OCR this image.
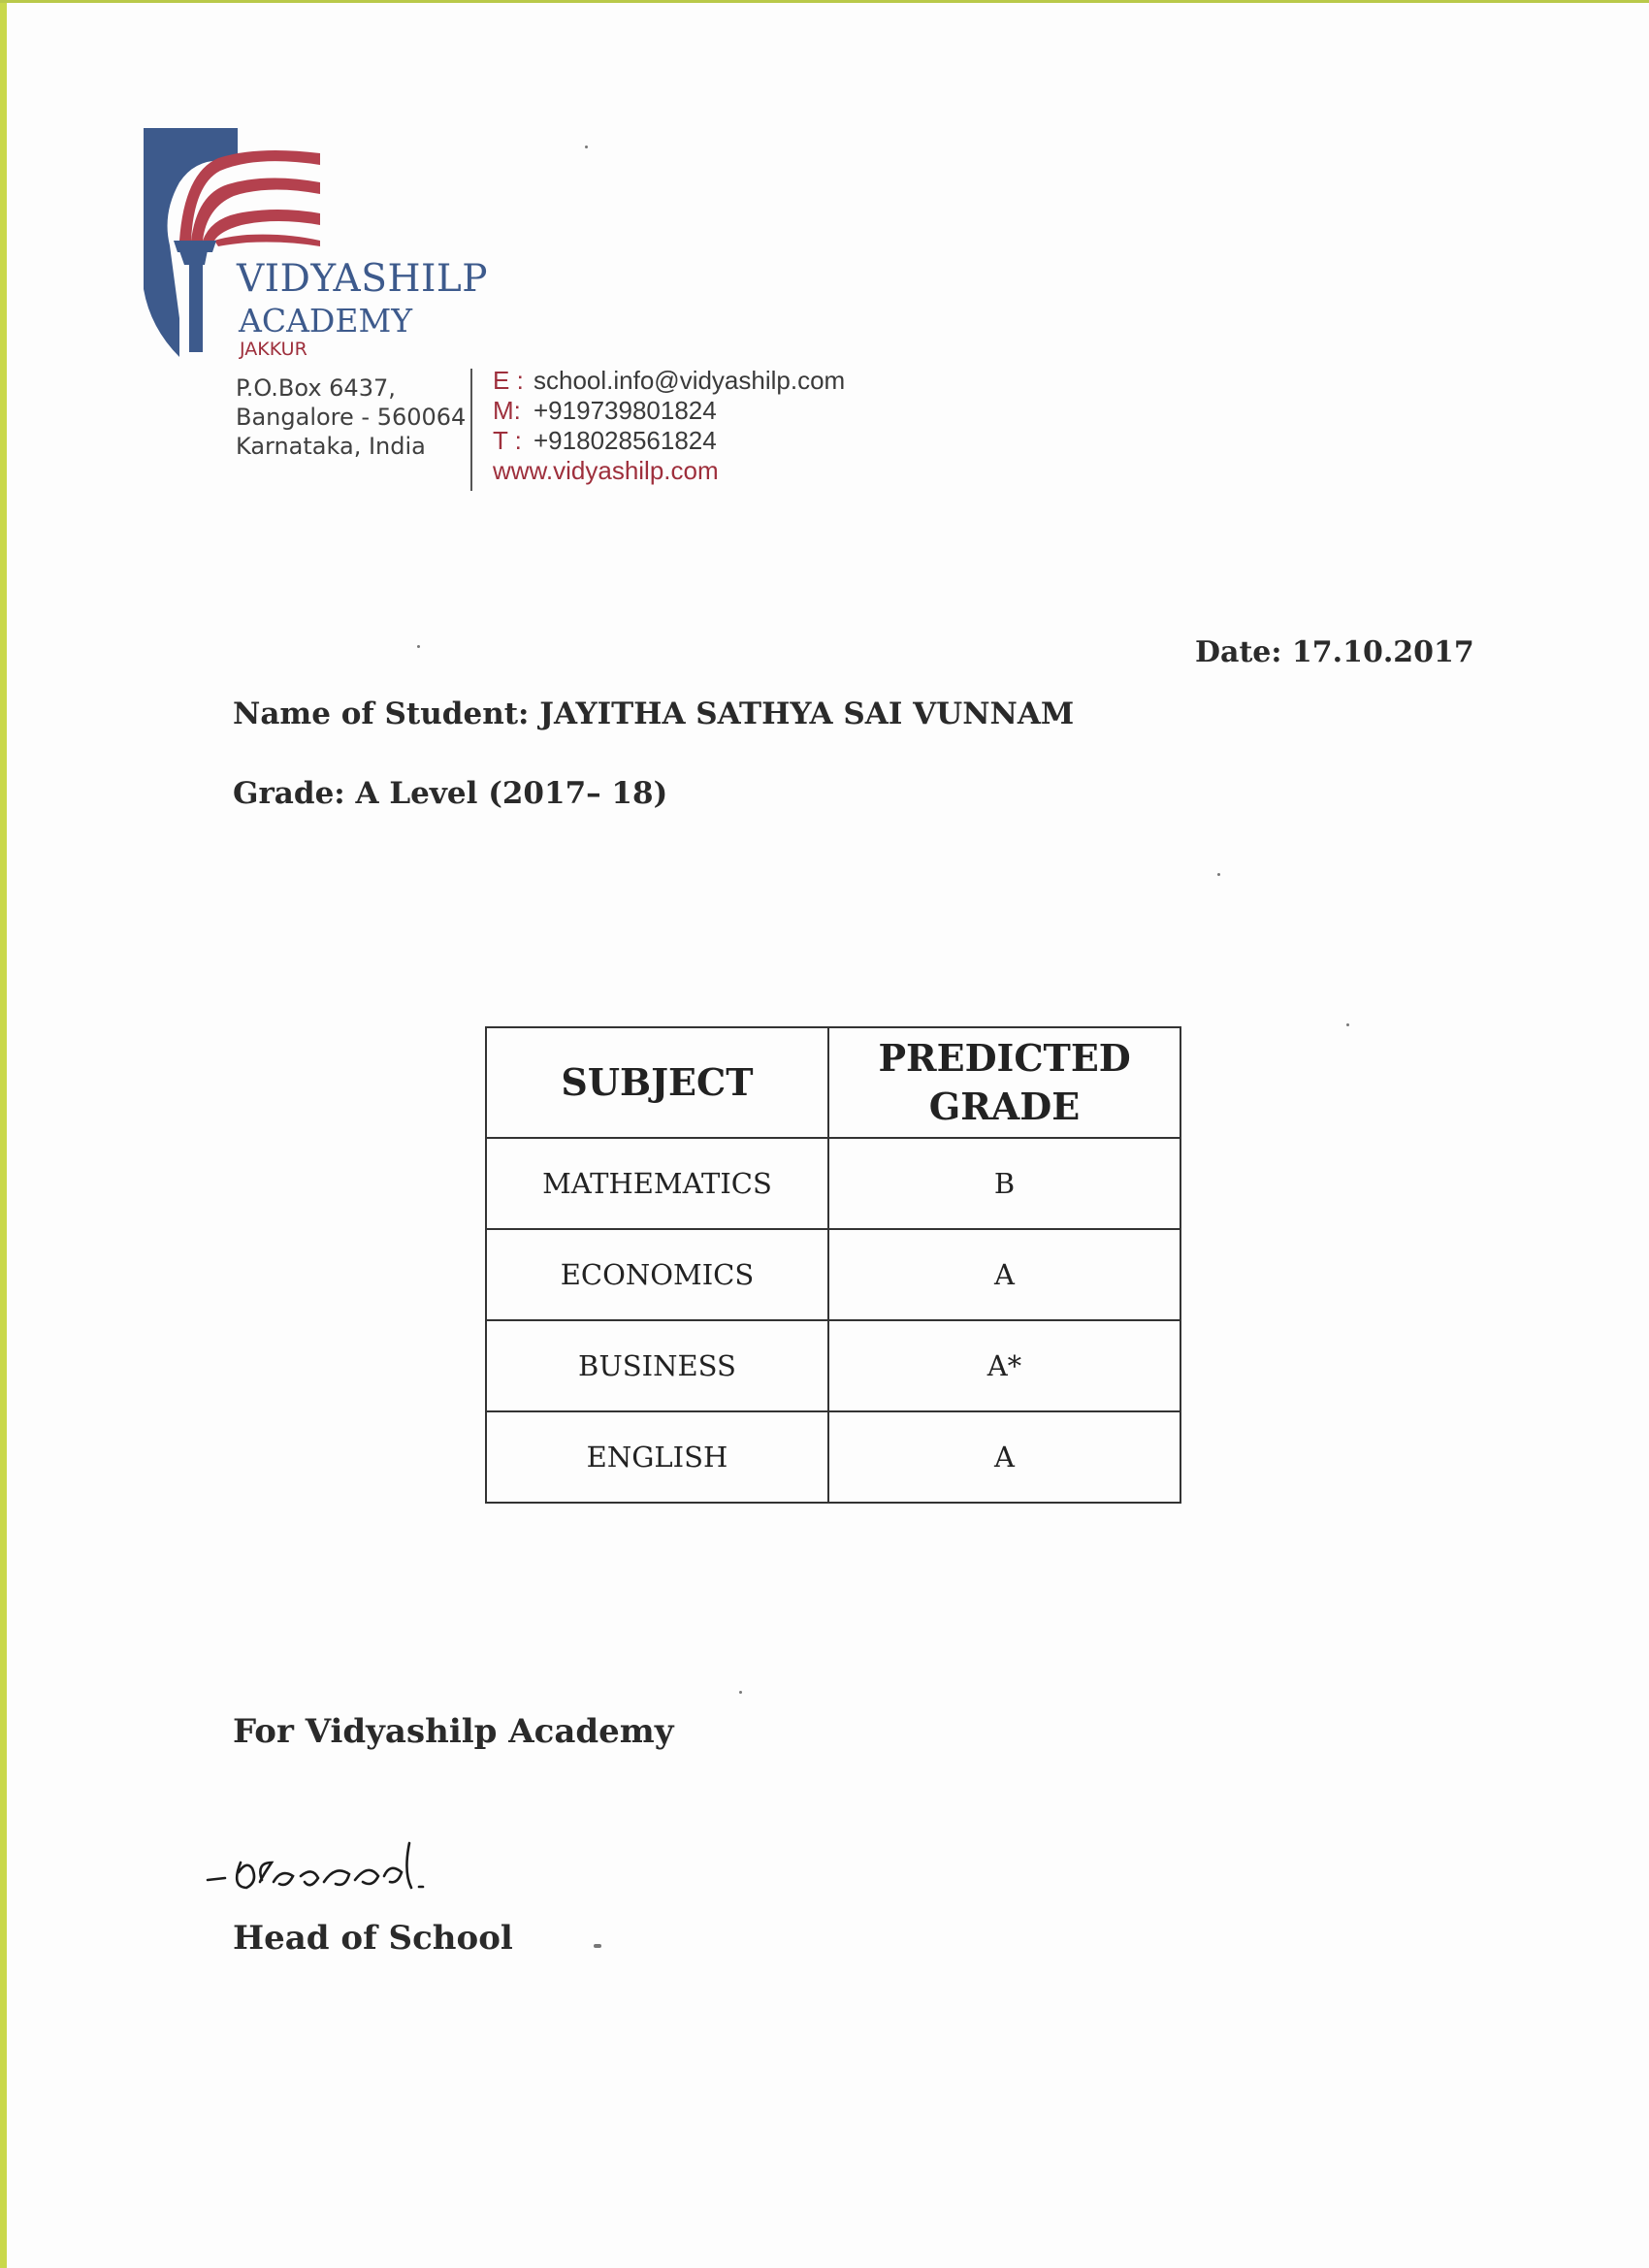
VIDYASHILP
ACADEMY
JAKKUR
P.O.Box 6437,
Bangalore - 560064
Karnataka, India
E : school.info@vidyashilp.com
M: +919739801824
T : +918028561824
www.vidyashilp.com
Date: 17.10.2017
Name of Student: JAYITHA SATHYA SAI VUNNAM
Grade: A Level (2017– 18)
SUBJECT	PREDICTED GRADE
MATHEMATICS	B
ECONOMICS	A
BUSINESS	A*
ENGLISH	A
For Vidyashilp Academy
Head of School
